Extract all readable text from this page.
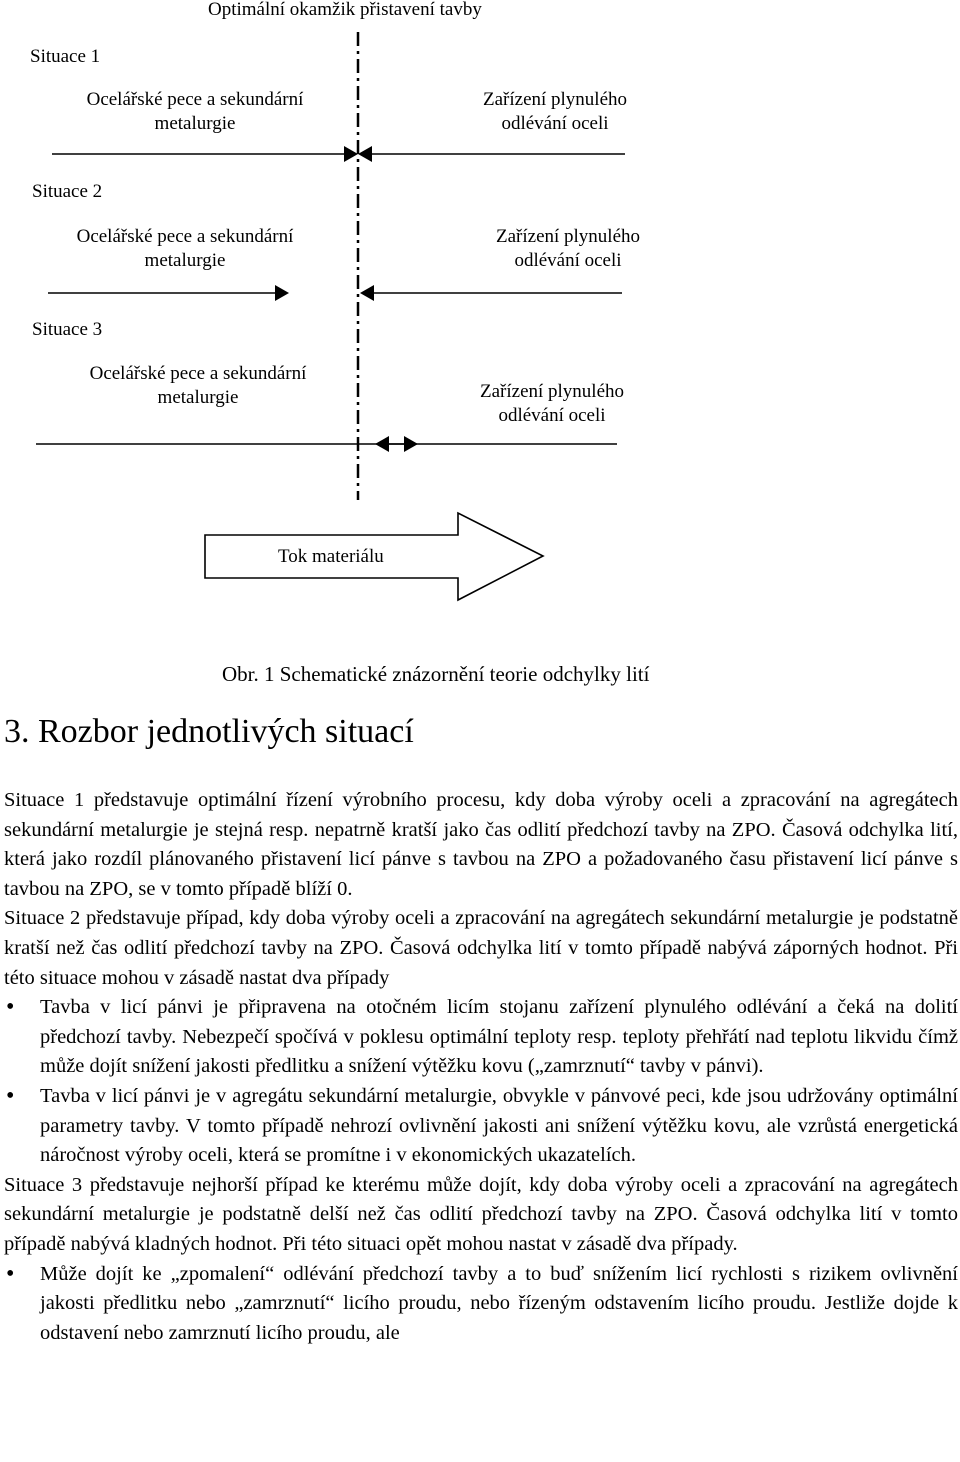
Optimální okamžik přistavení tavby
Situace 1
Ocelářské pece a sekundární
metalurgie
Zařízení plynulého
odlévání oceli
Situace 2
Ocelářské pece a sekundární
metalurgie
Zařízení plynulého
odlévání oceli
Situace 3
Ocelářské pece a sekundární
metalurgie	Zařízení plynulého
odlévání oceli
Tok materiálu
Obr. 1 Schematické znázornění teorie odchylky lití
3. Rozbor jednotlivých situací

Situace 1 představuje optimální řízení výrobního procesu, kdy doba výroby oceli a zpracování na agregátech sekundární metalurgie je stejná resp. nepatrně kratší jako čas odlití předchozí tavby na ZPO. Časová odchylka lití, která jako rozdíl plánovaného přistavení licí pánve s tavbou na ZPO a požadovaného času přistavení licí pánve s tavbou na ZPO, se v tomto případě blíží 0.

Situace 2 představuje případ, kdy doba výroby oceli a zpracování na agregátech sekundární metalurgie je podstatně kratší než čas odlití předchozí tavby na ZPO. Časová odchylka lití v tomto případě nabývá záporných hodnot. Při této situace mohou v zásadě nastat dva případy

• Tavba v licí pánvi je připravena na otočném licím stojanu zařízení plynulého odlévání a čeká na dolití předchozí tavby. Nebezpečí spočívá v poklesu optimální teploty resp. teploty přehřátí nad teplotu likvidu čímž může dojít snížení jakosti předlitku a snížení výtěžku kovu („zamrznutí“ tavby v pánvi).
• Tavba v licí pánvi je v agregátu sekundární metalurgie, obvykle v pánvové peci, kde jsou udržovány optimální parametry tavby. V tomto případě nehrozí ovlivnění jakosti ani snížení výtěžku kovu, ale vzrůstá energetická náročnost výroby oceli, která se promítne i v ekonomických ukazatelích.

Situace 3 představuje nejhorší případ ke kterému může dojít, kdy doba výroby oceli a zpracování na agregátech sekundární metalurgie je podstatně delší než čas odlití předchozí tavby na ZPO. Časová odchylka lití v tomto případě nabývá kladných hodnot. Při této situaci opět mohou nastat v zásadě dva případy.

• Může dojít ke „zpomalení“ odlévání předchozí tavby a to buď snížením licí rychlosti s rizikem ovlivnění jakosti předlitku nebo „zamrznutí“ licího proudu, nebo řízeným odstavením licího proudu. Jestliže dojde k odstavení nebo zamrznutí licího proudu, ale
